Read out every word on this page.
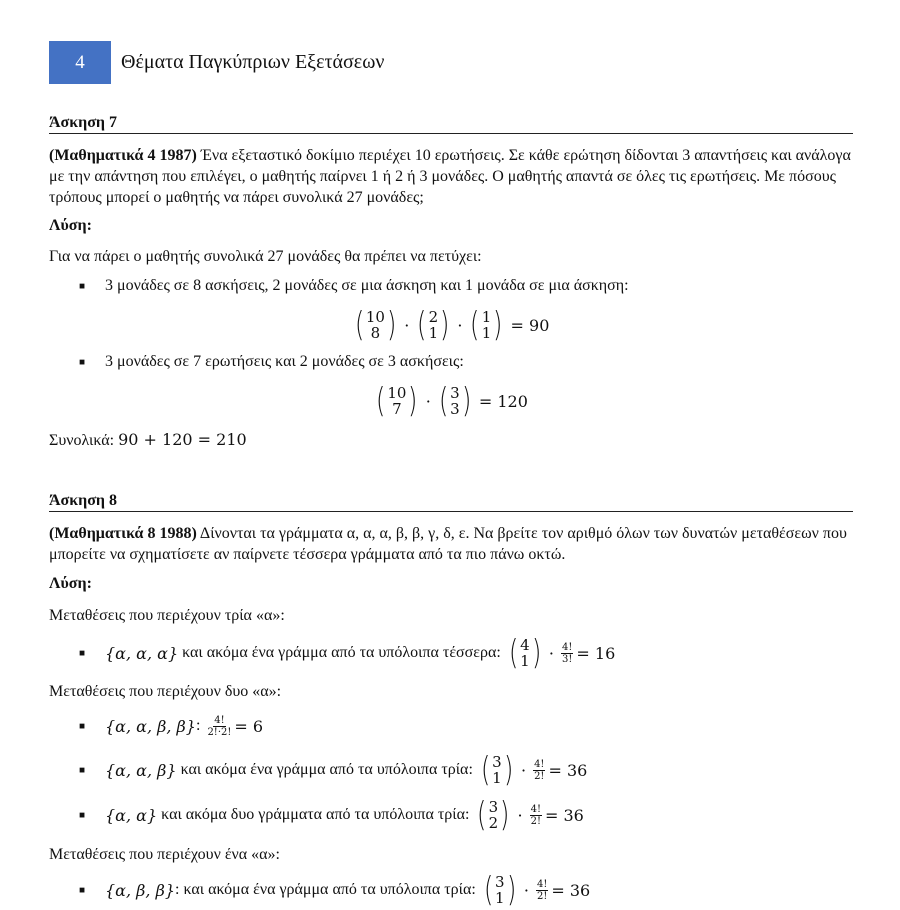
4 Θέματα Παγκύπριων Εξετάσεων
Άσκηση 7
(Μαθηματικά 4 1987) Ένα εξεταστικό δοκίμιο περιέχει 10 ερωτήσεις. Σε κάθε ερώτηση δίδονται 3 απαντήσεις και ανάλογα με την απάντηση που επιλέγει, ο μαθητής παίρνει 1 ή 2 ή 3 μονάδες. Ο μαθητής απαντά σε όλες τις ερωτήσεις. Με πόσους τρόπους μπορεί ο μαθητής να πάρει συνολικά 27 μονάδες;
Λύση:
Για να πάρει ο μαθητής συνολικά 27 μονάδες θα πρέπει να πετύχει:
■	3 μονάδες σε 8 ασκήσεις, 2 μονάδες σε μια άσκηση και 1 μονάδα σε μια άσκηση:
( 10
8 ) · ( 2
1 ) · ( 1
1 ) = 90
■	3 μονάδες σε 7 ερωτήσεις και 2 μονάδες σε 3 ασκήσεις:
( 10
7 ) · ( 3
3 ) = 120
Συνολικά: 90 + 120 = 210
Άσκηση 8
(Μαθηματικά 8 1988) Δίνονται τα γράμματα α, α, α, β, β, γ, δ, ε. Να βρείτε τον αριθμό όλων των δυνατών μεταθέσεων που μπορείτε να σχηματίσετε αν παίρνετε τέσσερα γράμματα από τα πιο πάνω οκτώ.
Λύση:
Μεταθέσεις που περιέχουν τρία «α»:
■	{α, α, α} και ακόμα ένα γράμμα από τα υπόλοιπα τέσσερα: ( 4
1 ) · $\frac{4!}{3!} = 16$
Μεταθέσεις που περιέχουν δυο «α»:
■	{α, α, β, β} : $\frac{4!}{2!\cdot 2!} = 6$
■	{α, α, β} και ακόμα ένα γράμμα από τα υπόλοιπα τρία: ( 3
1 ) · $\frac{4!}{2!} = 36$
■	{α, α} και ακόμα δυο γράμματα από τα υπόλοιπα τρία: ( 3
2 ) · $\frac{4!}{2!} = 36$
Μεταθέσεις που περιέχουν ένα «α»:
■	{α, β, β} : και ακόμα ένα γράμμα από τα υπόλοιπα τρία: ( 3
1 ) · $\frac{4!}{2!} = 36$
